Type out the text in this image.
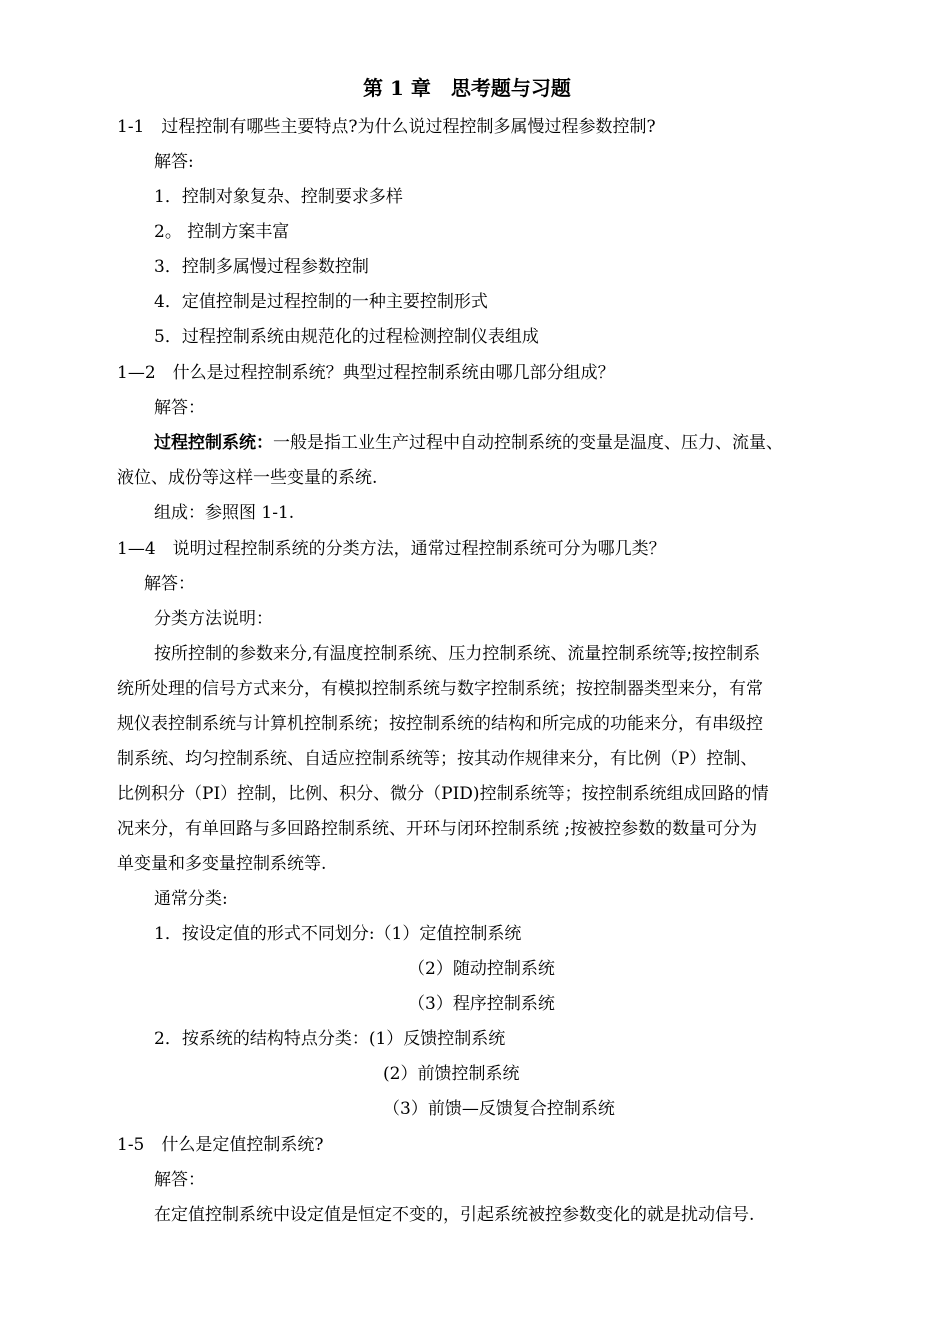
第 1 章　思考题与习题
1-1　过程控制有哪些主要特点?为什么说过程控制多属慢过程参数控制?
解答:
1．控制对象复杂、控制要求多样
2。 控制方案丰富
3．控制多属慢过程参数控制
4．定值控制是过程控制的一种主要控制形式
5．过程控制系统由规范化的过程检测控制仪表组成
1—2　什么是过程控制系统？典型过程控制系统由哪几部分组成？
解答：
过程控制系统：一般是指工业生产过程中自动控制系统的变量是温度、压力、流量、
液位、成份等这样一些变量的系统.
组成：参照图 1-1.
1—4　说明过程控制系统的分类方法，通常过程控制系统可分为哪几类？
解答：
分类方法说明：
按所控制的参数来分,有温度控制系统、压力控制系统、流量控制系统等;按控制系
统所处理的信号方式来分，有模拟控制系统与数字控制系统；按控制器类型来分，有常
规仪表控制系统与计算机控制系统；按控制系统的结构和所完成的功能来分，有串级控
制系统、均匀控制系统、自适应控制系统等；按其动作规律来分，有比例（P）控制、
比例积分（PI）控制，比例、积分、微分（PID)控制系统等；按控制系统组成回路的情
况来分，有单回路与多回路控制系统、开环与闭环控制系统 ;按被控参数的数量可分为
单变量和多变量控制系统等.
通常分类:
1．按设定值的形式不同划分:（1）定值控制系统
（2）随动控制系统
（3）程序控制系统
2．按系统的结构特点分类：(1）反馈控制系统
(2）前馈控制系统
（3）前馈—反馈复合控制系统
1-5　什么是定值控制系统?
解答：
在定值控制系统中设定值是恒定不变的，引起系统被控参数变化的就是扰动信号.
